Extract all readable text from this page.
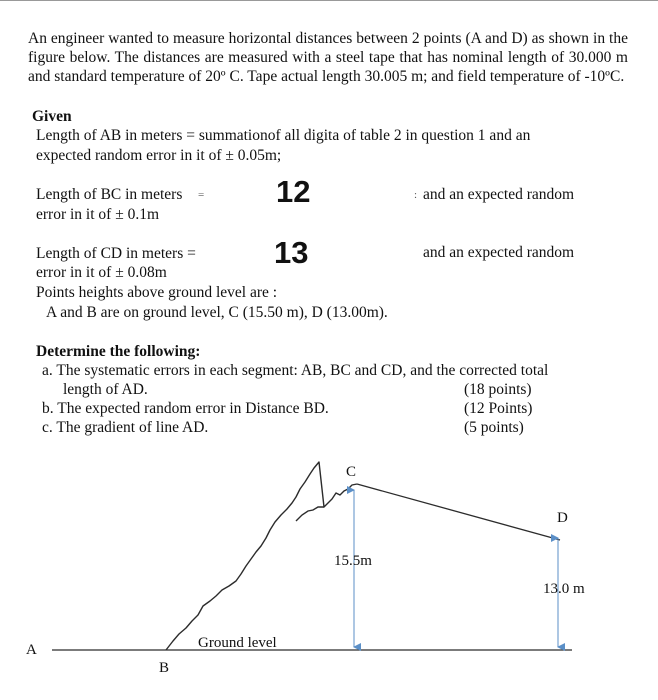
An engineer wanted to measure horizontal distances between 2 points (A and D) as shown in the figure below. The distances are measured with a steel tape that has nominal length of 30.000 m and standard temperature of 20º C. Tape actual length 30.005 m; and field temperature of -10ºC.
Given
Length of AB in meters = summationof all digita of table 2 in question 1 and an
expected random error in it of ± 0.05m;
Length of BC in meters = 12	: and an expected random
error in it of ± 0.1m
Length of CD in meters =	13	and an expected random
error in it of ± 0.08m
Points heights above ground level are :
A and B are on ground level, C (15.50 m), D (13.00m).
Determine the following:
a. The systematic errors in each segment: AB, BC and CD, and the corrected total
length of AD.	(18 points)
b. The expected random error in Distance BD.	(12 Points)
c. The gradient of line AD.	(5 points)
A
B
C
D
Ground level
15.5m
13.0 m
